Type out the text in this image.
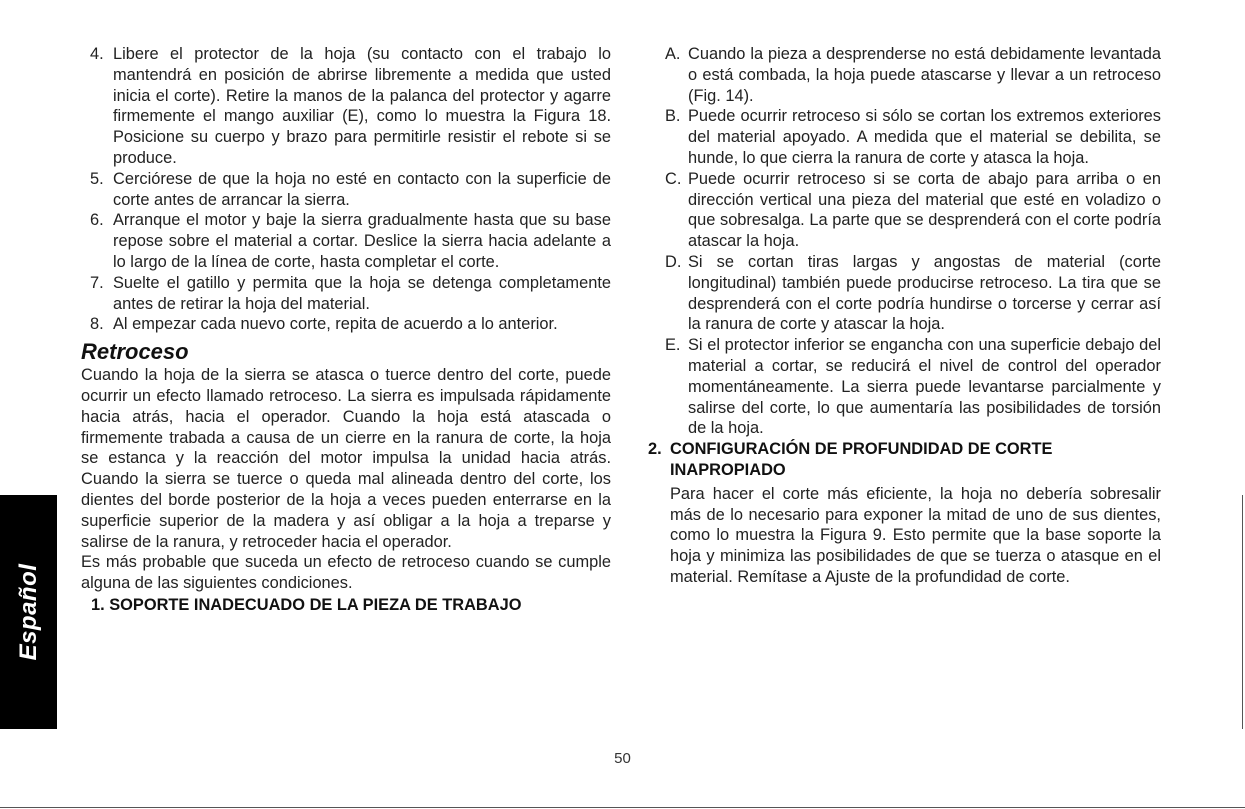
4. Libere el protector de la hoja (su contacto con el trabajo lo mantendrá en posición de abrirse libremente a medida que usted inicia el corte). Retire la manos de la palanca del protector y agarre firmemente el mango auxiliar (E), como lo muestra la Figura 18. Posicione su cuerpo y brazo para permitirle resistir el rebote si se produce.
5. Cerciórese de que la hoja no esté en contacto con la superficie de corte antes de arrancar la sierra.
6. Arranque el motor y baje la sierra gradualmente hasta que su base repose sobre el material a cortar. Deslice la sierra hacia adelante a lo largo de la línea de corte, hasta completar el corte.
7. Suelte el gatillo y permita que la hoja se detenga completamente antes de retirar la hoja del material.
8. Al empezar cada nuevo corte, repita de acuerdo a lo anterior.
Retroceso
Cuando la hoja de la sierra se atasca o tuerce dentro del corte, puede ocurrir un efecto llamado retroceso. La sierra es impulsada rápidamente hacia atrás, hacia el operador. Cuando la hoja está atascada o firmemente trabada a causa de un cierre en la ranura de corte, la hoja se estanca y la reacción del motor impulsa la unidad hacia atrás. Cuando la sierra se tuerce o queda mal alineada dentro del corte, los dientes del borde posterior de la hoja a veces pueden enterrarse en la superficie superior de la madera y así obligar a la hoja a treparse y salirse de la ranura, y retroceder hacia el operador.
Es más probable que suceda un efecto de retroceso cuando se cumple alguna de las siguientes condiciones.
1. SOPORTE INADECUADO DE LA PIEZA DE TRABAJO
A. Cuando la pieza a desprenderse no está debidamente levantada o está combada, la hoja puede atascarse y llevar a un retroceso (Fig. 14).
B. Puede ocurrir retroceso si sólo se cortan los extremos exteriores del material apoyado. A medida que el material se debilita, se hunde, lo que cierra la ranura de corte y atasca la hoja.
C. Puede ocurrir retroceso si se corta de abajo para arriba o en dirección vertical una pieza del material que esté en voladizo o que sobresalga. La parte que se desprenderá con el corte podría atascar la hoja.
D. Si se cortan tiras largas y angostas de material (corte longitudinal) también puede producirse retroceso. La tira que se desprenderá con el corte podría hundirse o torcerse y cerrar así la ranura de corte y atascar la hoja.
E. Si el protector inferior se engancha con una superficie debajo del material a cortar, se reducirá el nivel de control del operador momentáneamente. La sierra puede levantarse parcialmente y salirse del corte, lo que aumentaría las posibilidades de torsión de la hoja.
2. CONFIGURACIÓN DE PROFUNDIDAD DE CORTE INAPROPIADO
Para hacer el corte más eficiente, la hoja no debería sobresalir más de lo necesario para exponer la mitad de uno de sus dientes, como lo muestra la Figura 9. Esto permite que la base soporte la hoja y minimiza las posibilidades de que se tuerza o atasque en el material. Remítase a Ajuste de la profundidad de corte.
Español
50
